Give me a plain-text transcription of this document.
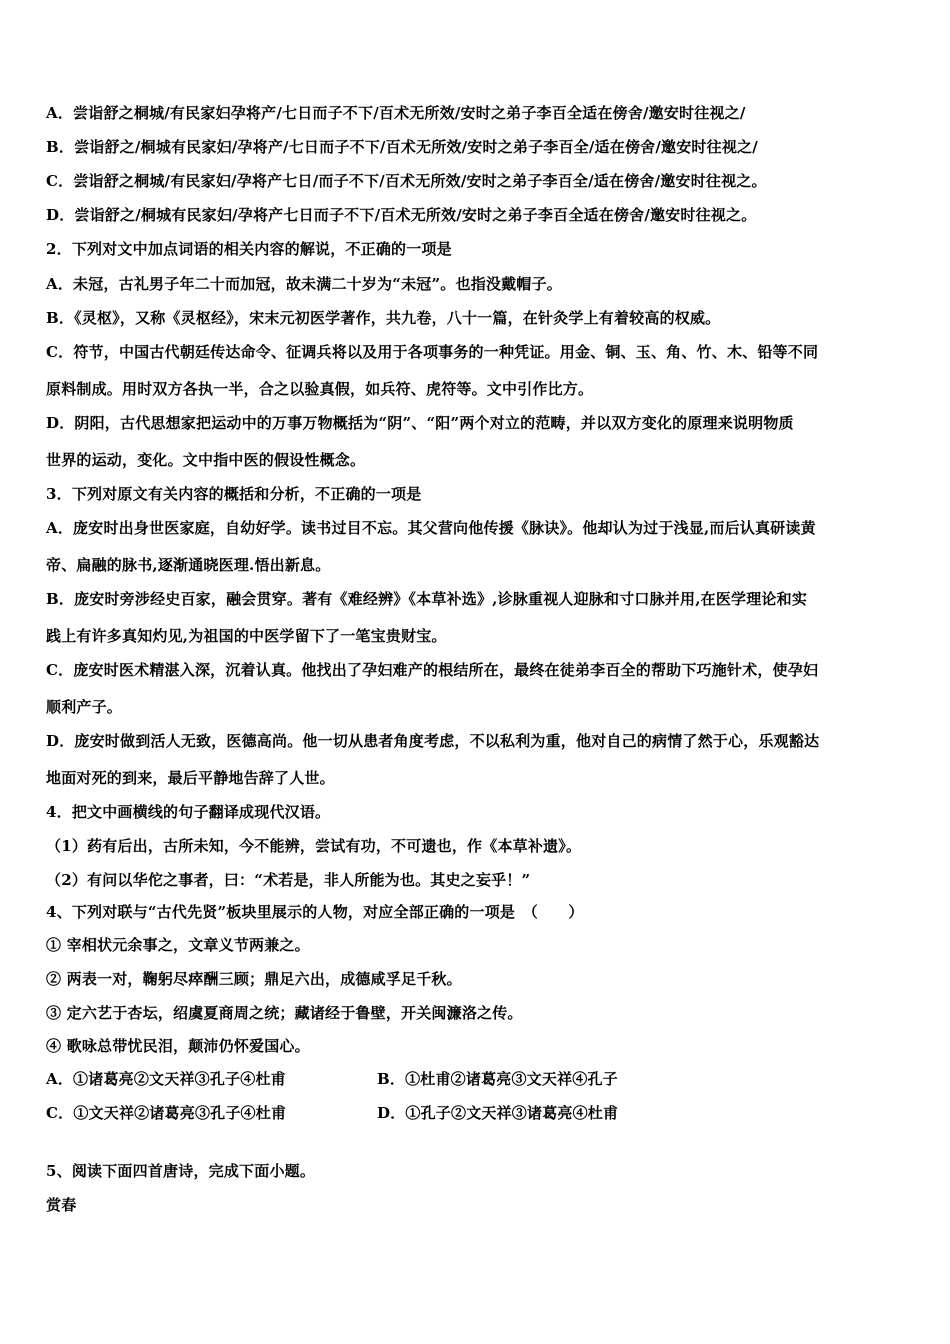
A．尝诣舒之桐城/有民家妇孕将产/七日而子不下/百术无所效/安时之弟子李百全适在傍舍/邀安时往视之/
B．尝诣舒之/桐城有民家妇/孕将产/七日而子不下/百术无所效/安时之弟子李百全/适在傍舍/邀安时往视之/
C．尝诣舒之桐城/有民家妇/孕将产七日/而子不下/百术无所效/安时之弟子李百全/适在傍舍/邀安时往视之。
D．尝诣舒之/桐城有民家妇/孕将产七日而子不下/百术无所效/安时之弟子李百全适在傍舍/邀安时往视之。
2．下列对文中加点词语的相关内容的解说，不正确的一项是
A．未冠，古礼男子年二十而加冠，故未满二十岁为“未冠”。也指没戴帽子。
B．《灵枢》，又称《灵枢经》，宋末元初医学著作，共九卷，八十一篇，在针灸学上有着较高的权威。
C．符节，中国古代朝廷传达命令、征调兵将以及用于各项事务的一种凭证。用金、铜、玉、角、竹、木、铅等不同
原料制成。用时双方各执一半，合之以验真假，如兵符、虎符等。文中引作比方。
D．阴阳，古代思想家把运动中的万事万物概括为“阴”、“阳”两个对立的范畴，并以双方变化的原理来说明物质
世界的运动，变化。文中指中医的假设性概念。
3．下列对原文有关内容的概括和分析，不正确的一项是
A．庞安时出身世医家庭，自幼好学。读书过目不忘。其父营向他传援《脉诀》。他却认为过于浅显,而后认真研读黄
帝、扁融的脉书,逐渐通晓医理.悟出新息。
B．庞安时旁涉经史百家，融会贯穿。著有《难经辨》《本草补选》,诊脉重视人迎脉和寸口脉并用,在医学理论和实
践上有许多真知灼见,为祖国的中医学留下了一笔宝贵财宝。
C．庞安时医术精湛入深，沉着认真。他找出了孕妇难产的根结所在，最终在徒弟李百全的帮助下巧施针术，使孕妇
顺利产子。
D．庞安时做到活人无致，医德高尚。他一切从患者角度考虑，不以私利为重，他对自己的病情了然于心，乐观豁达
地面对死的到来，最后平静地告辞了人世。
4．把文中画横线的句子翻译成现代汉语。
（1）药有后出，古所未知，今不能辨，尝试有功，不可遗也，作《本草补遗》。
（2）有问以华佗之事者，曰：“术若是，非人所能为也。其史之妄乎！”
4、下列对联与“古代先贤”板块里展示的人物，对应全部正确的一项是　（　　）
① 宰相状元余事之，文章义节两兼之。
② 两表一对，鞠躬尽瘁酬三顾；鼎足六出，成德咸孚足千秋。
③ 定六艺于杏坛，绍虞夏商周之统；藏诸经于鲁壁，开关闽濂洛之传。
④ 歌咏总带忧民泪，颠沛仍怀爱国心。
A．①诸葛亮②文天祥③孔子④杜甫	B．①杜甫②诸葛亮③文天祥④孔子
C．①文天祥②诸葛亮③孔子④杜甫	D．①孔子②文天祥③诸葛亮④杜甫
5、阅读下面四首唐诗，完成下面小题。
赏春
